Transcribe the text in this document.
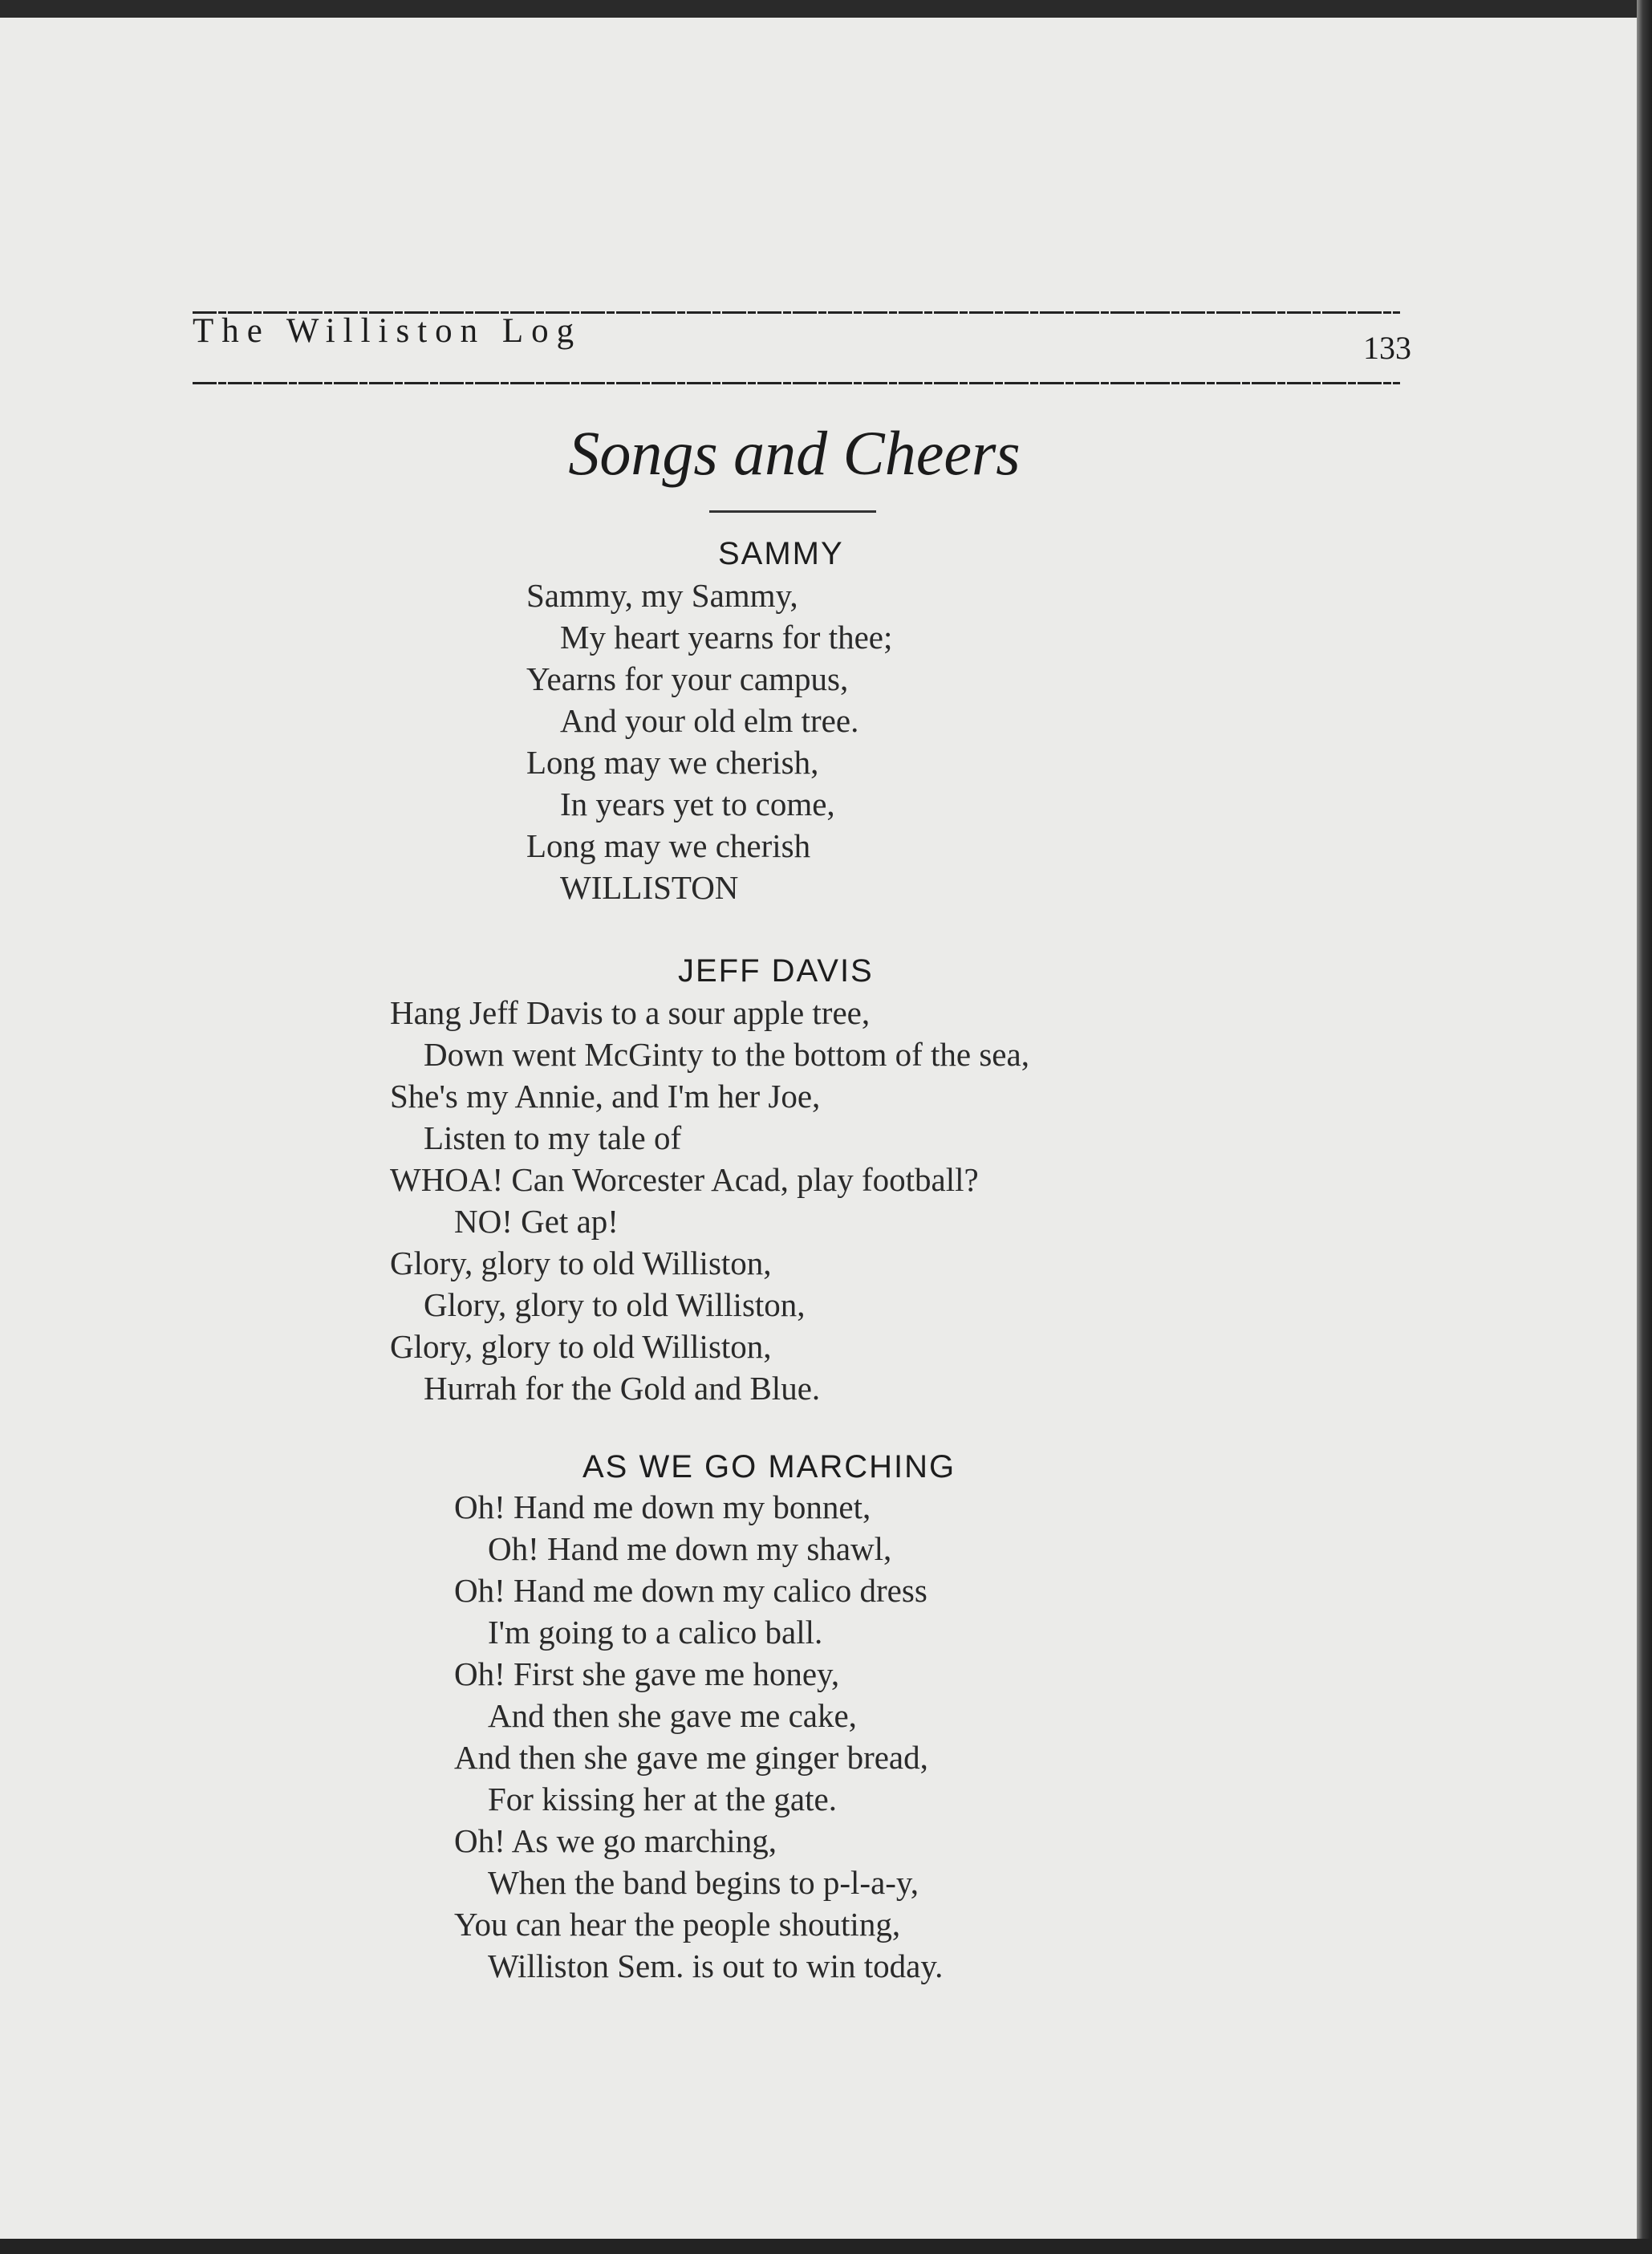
The Williston Log	133
Songs and Cheers
SAMMY
Sammy, my Sammy,
My heart yearns for thee;
Yearns for your campus,
And your old elm tree.
Long may we cherish,
In years yet to come,
Long may we cherish
WILLISTON
JEFF DAVIS
Hang Jeff Davis to a sour apple tree,
Down went McGinty to the bottom of the sea,
She's my Annie, and I'm her Joe,
Listen to my tale of
WHOA! Can Worcester Acad, play football?
NO! Get ap!
Glory, glory to old Williston,
Glory, glory to old Williston,
Glory, glory to old Williston,
Hurrah for the Gold and Blue.
AS WE GO MARCHING
Oh! Hand me down my bonnet,
Oh! Hand me down my shawl,
Oh! Hand me down my calico dress
I'm going to a calico ball.
Oh! First she gave me honey,
And then she gave me cake,
And then she gave me ginger bread,
For kissing her at the gate.
Oh! As we go marching,
When the band begins to p-l-a-y,
You can hear the people shouting,
Williston Sem. is out to win today.
